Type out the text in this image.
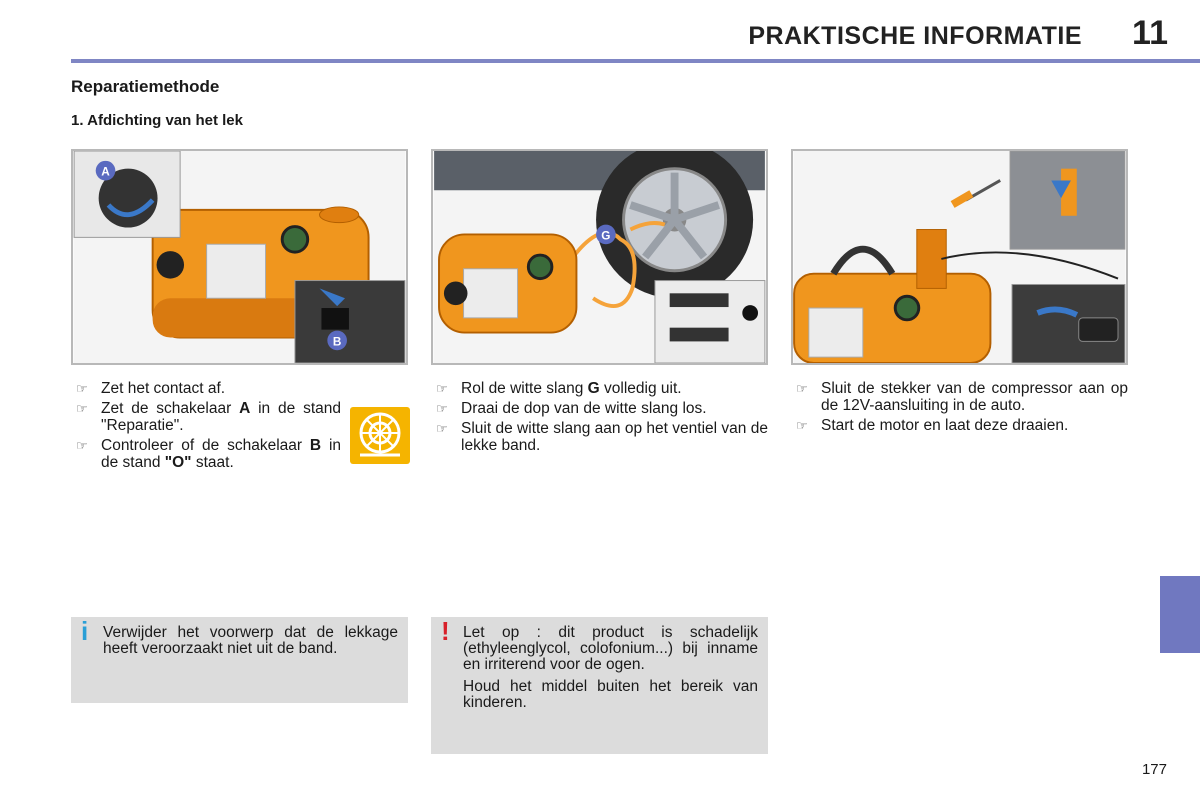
PRAKTISCHE INFORMATIE 11
Reparatiemethode
1. Afdichting van het lek
A
B
G
☞ Zet het contact af.
☞ Zet de schakelaar A in de stand "Reparatie".
☞ Controleer of de schakelaar B in de stand "O" staat.
☞ Rol de witte slang G volledig uit.
☞ Draai de dop van de witte slang los.
☞ Sluit de witte slang aan op het ventiel van de lekke band.
☞ Sluit de stekker van de compressor aan op de 12V-aansluiting in de auto.
☞ Start de motor en laat deze draaien.
i Verwijder het voorwerp dat de lekkage heeft veroorzaakt niet uit de band.

! Let op : dit product is schadelijk (ethyleenglycol, colofonium...) bij inname en irriterend voor de ogen.

Houd het middel buiten het bereik van kinderen.

177
